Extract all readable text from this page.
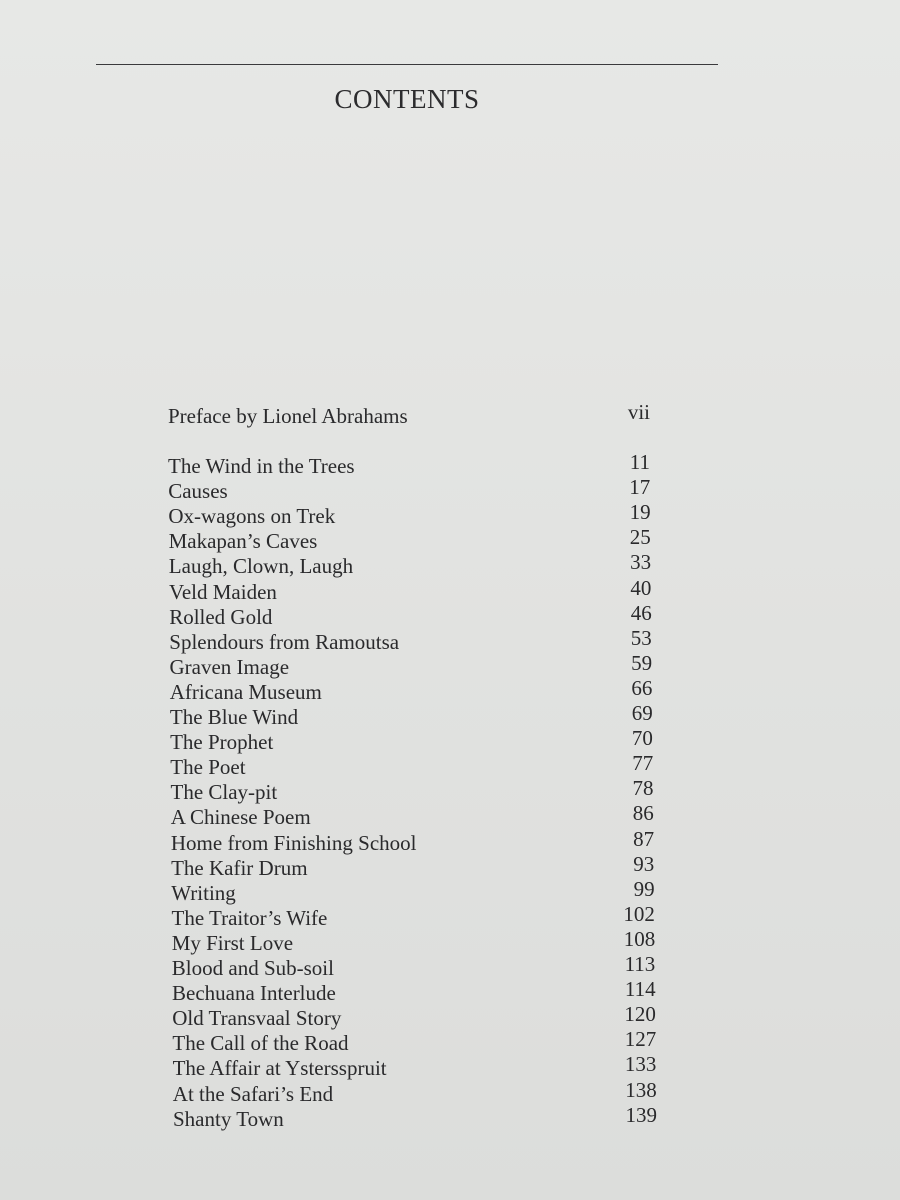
CONTENTS
Preface by Lionel Abrahams	vii
The Wind in the Trees	11
Causes	17
Ox-wagons on Trek	19
Makapan’s Caves	25
Laugh, Clown, Laugh	33
Veld Maiden	40
Rolled Gold	46
Splendours from Ramoutsa	53
Graven Image	59
Africana Museum	66
The Blue Wind	69
The Prophet	70
The Poet	77
The Clay-pit	78
A Chinese Poem	86
Home from Finishing School	87
The Kafir Drum	93
Writing	99
The Traitor’s Wife	102
My First Love	108
Blood and Sub-soil	113
Bechuana Interlude	114
Old Transvaal Story	120
The Call of the Road	127
The Affair at Ystersspruit	133
At the Safari’s End	138
Shanty Town	139
